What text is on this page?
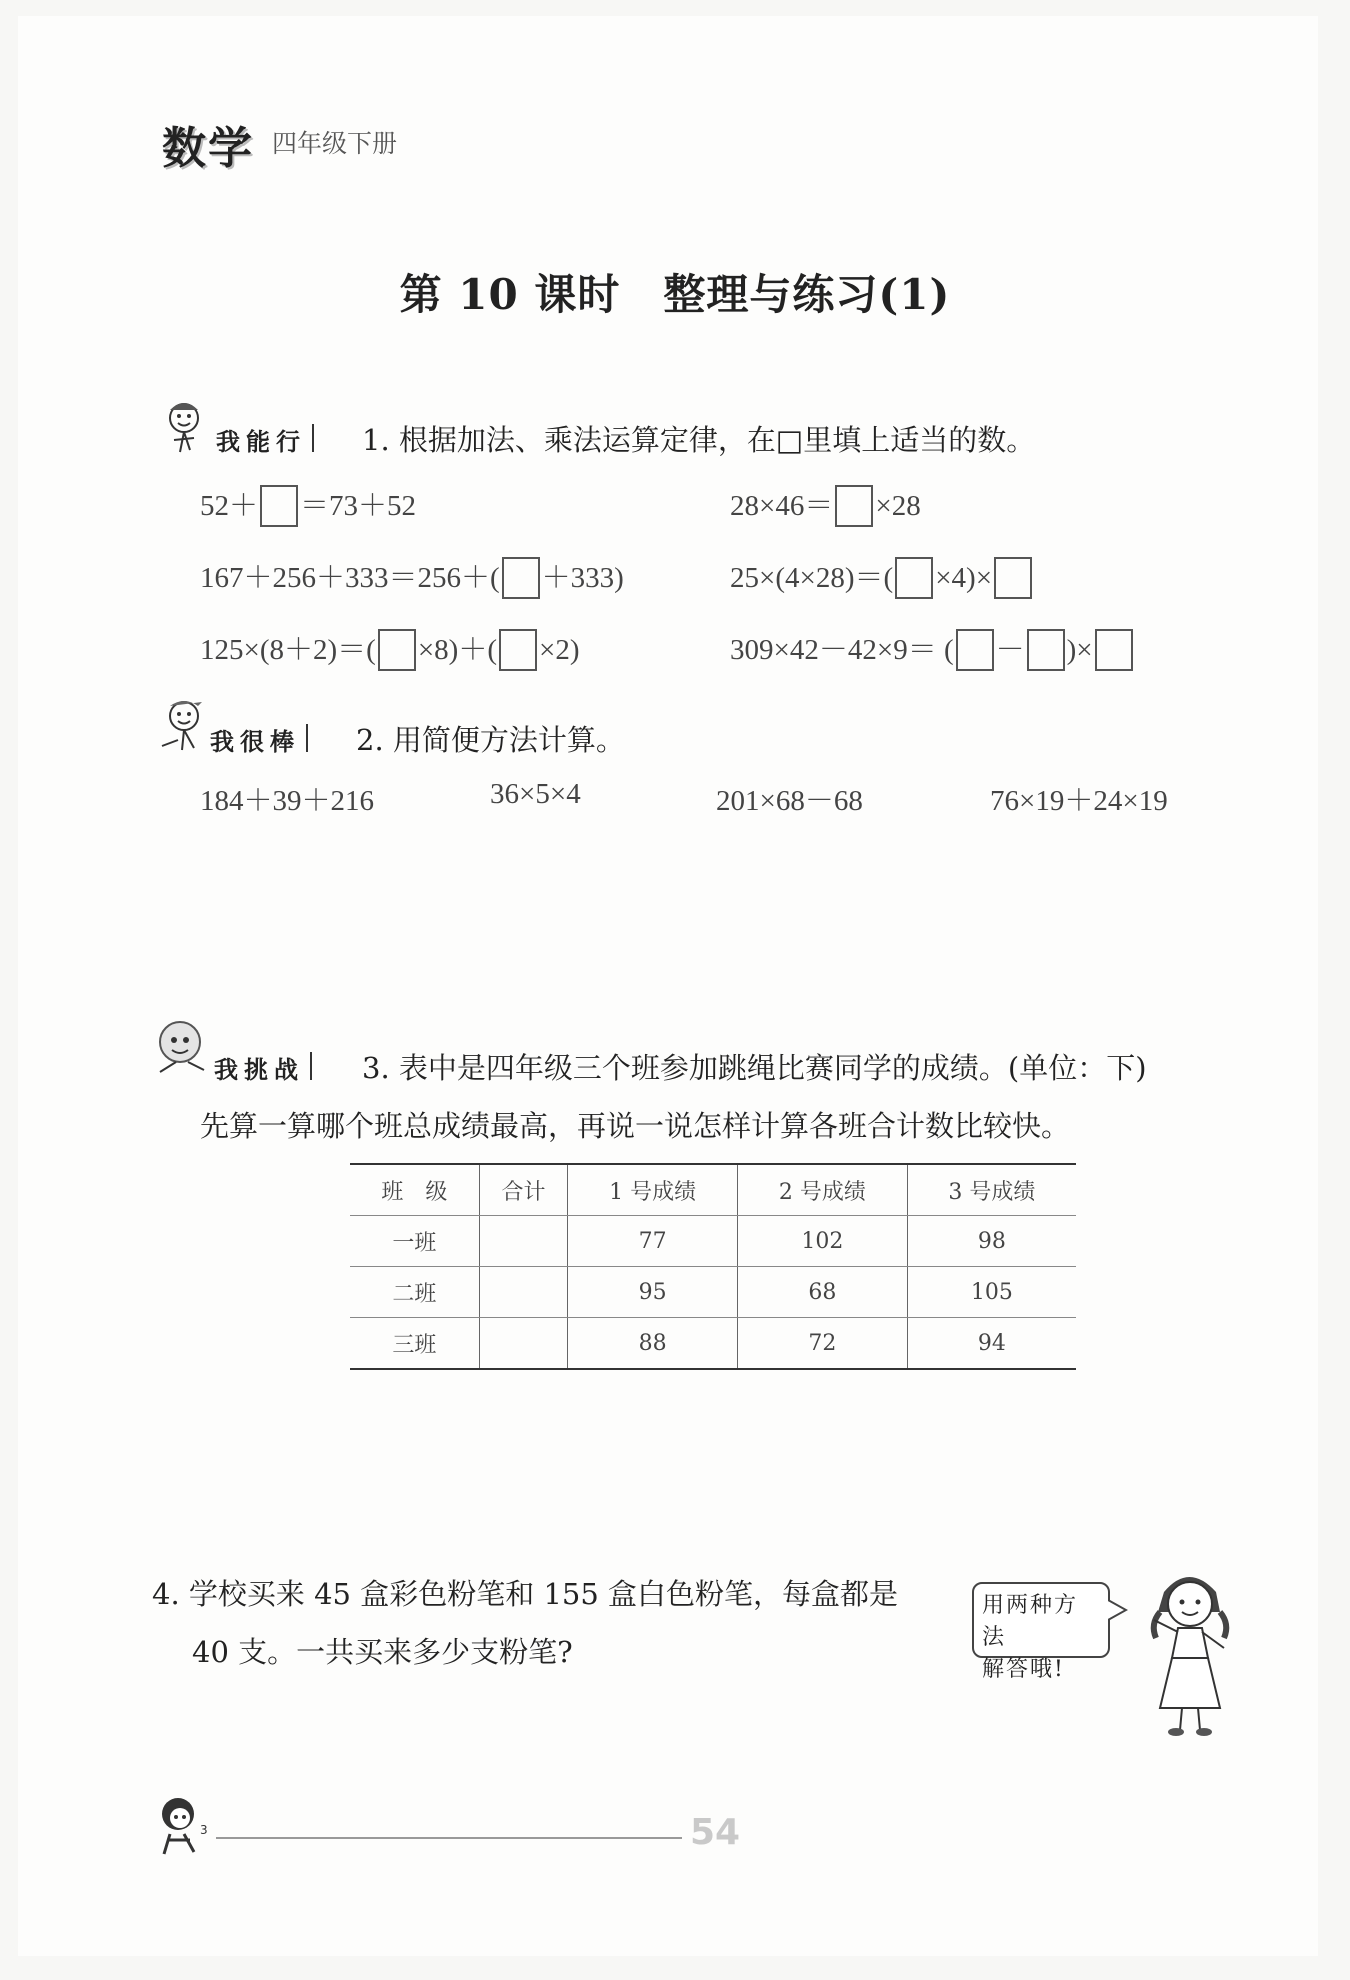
数学 四年级下册
第 10 课时　整理与练习(1)
我能行 1. 根据加法、乘法运算定律，在□里填上适当的数。
52＋ ＝73＋52	28×46＝ ×28
167＋256＋333＝256＋( ＋333)	25×(4×28)＝( ×4)×
125×(8＋2)＝( ×8)＋( ×2)	309×42－42×9＝ ( － )×
我很棒 2. 用简便方法计算。
184＋39＋216	36×5×4	201×68－68	76×19＋24×19
我挑战 3. 表中是四年级三个班参加跳绳比赛同学的成绩。(单位：下)
先算一算哪个班总成绩最高，再说一说怎样计算各班合计数比较快。
班　级	合计	1 号成绩	2 号成绩	3 号成绩
一班		77	102	98
二班		95	68	105
三班		88	72	94
4. 学校买来 45 盒彩色粉笔和 155 盒白色粉笔，每盒都是
40 支。一共买来多少支粉笔?
用两种方法
解答哦!
3	54
